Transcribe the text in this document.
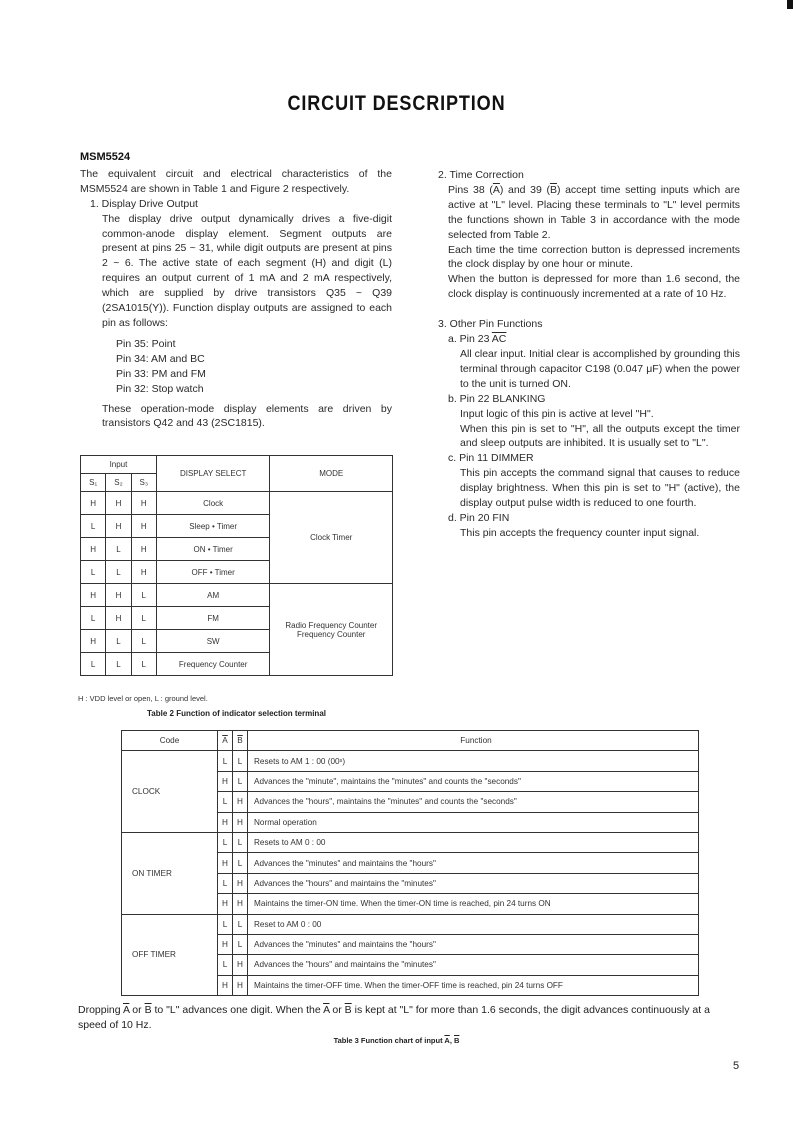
CIRCUIT DESCRIPTION
MSM5524
The equivalent circuit and electrical characteristics of the MSM5524 are shown in Table 1 and Figure 2 respectively.
1. Display Drive Output
The display drive output dynamically drives a five-digit common-anode display element. Segment outputs are present at pins 25 ~ 31, while digit outputs are present at pins 2 ~ 6. The active state of each segment (H) and digit (L) requires an output current of 1 mA and 2 mA respectively, which are supplied by drive transistors Q35 ~ Q39 (2SA1015(Y)). Function display outputs are assigned to each pin as follows:
Pin 35: Point
Pin 34: AM and BC
Pin 33: PM and FM
Pin 32: Stop watch
These operation-mode display elements are driven by transistors Q42 and 43 (2SC1815).
2. Time Correction
Pins 38 $(\overline{A})$ and 39 $(\overline{B})$ accept time setting inputs which are active at "L" level. Placing these terminals to "L" level permits the functions shown in Table 3 in accordance with the mode selected from Table 2.
Each time the time correction button is depressed increments the clock display by one hour or minute.
When the button is depressed for more than 1.6 second, the clock display is continuously incremented at a rate of 10 Hz.
3. Other Pin Functions
a. Pin 23 $\overline{AC}$
All clear input. Initial clear is accomplished by grounding this terminal through capacitor C198 (0.047 μF) when the power to the unit is turned ON.
b. Pin 22 BLANKING
Input logic of this pin is active at level "H".
When this pin is set to "H", all the outputs except the timer and sleep outputs are inhibited. It is usually set to "L".
c. Pin 11 DIMMER
This pin accepts the command signal that causes to reduce display brightness. When this pin is set to "H" (active), the display output pulse width is reduced to one fourth.
d. Pin 20 FIN
This pin accepts the frequency counter input signal.
Input			DISPLAY SELECT	MODE
S₁	S₂	S₃		
H	H	H	Clock	Clock Timer
L	H	H	Sleep • Timer	
H	L	H	ON • Timer	
L	L	H	OFF • Timer	
H	H	L	AM	Radio Frequency Counter
Frequency Counter

L	H	L	FM	
H	L	L	SW	
L	L	L	Frequency Counter	
H : VDD level or open, L : ground level.
Table 2 Function of indicator selection terminal
Code	$\overline{A}$	$\overline{B}$	Function
CLOCK	L	L	Resets to AM 1 : 00 (00ˢ)
	H	L	Advances the "minute", maintains the "minutes" and counts the "seconds"
	L	H	Advances the "hours", maintains the "minutes" and counts the "seconds"
	H	H	Normal operation
ON TIMER	L	L	Resets to AM 0 : 00
	H	L	Advances the "minutes" and maintains the "hours"
	L	H	Advances the "hours" and maintains the "minutes"
	H	H	Maintains the timer-ON time. When the timer-ON time is reached, pin 24 turns ON
OFF TIMER	L	L	Reset to AM 0 : 00
	H	L	Advances the "minutes" and maintains the "hours"
	L	H	Advances the "hours" and maintains the "minutes"
	H	H	Maintains the timer-OFF time. When the timer-OFF time is reached, pin 24 turns OFF
Dropping $\overline{A}$ or $\overline{B}$ to "L" advances one digit. When the $\overline{A}$ or $\overline{B}$ is kept at "L" for more than 1.6 seconds, the digit advances continuously at a speed of 10 Hz.
Table 3 Function chart of input $\overline{A}$, $\overline{B}$
5
